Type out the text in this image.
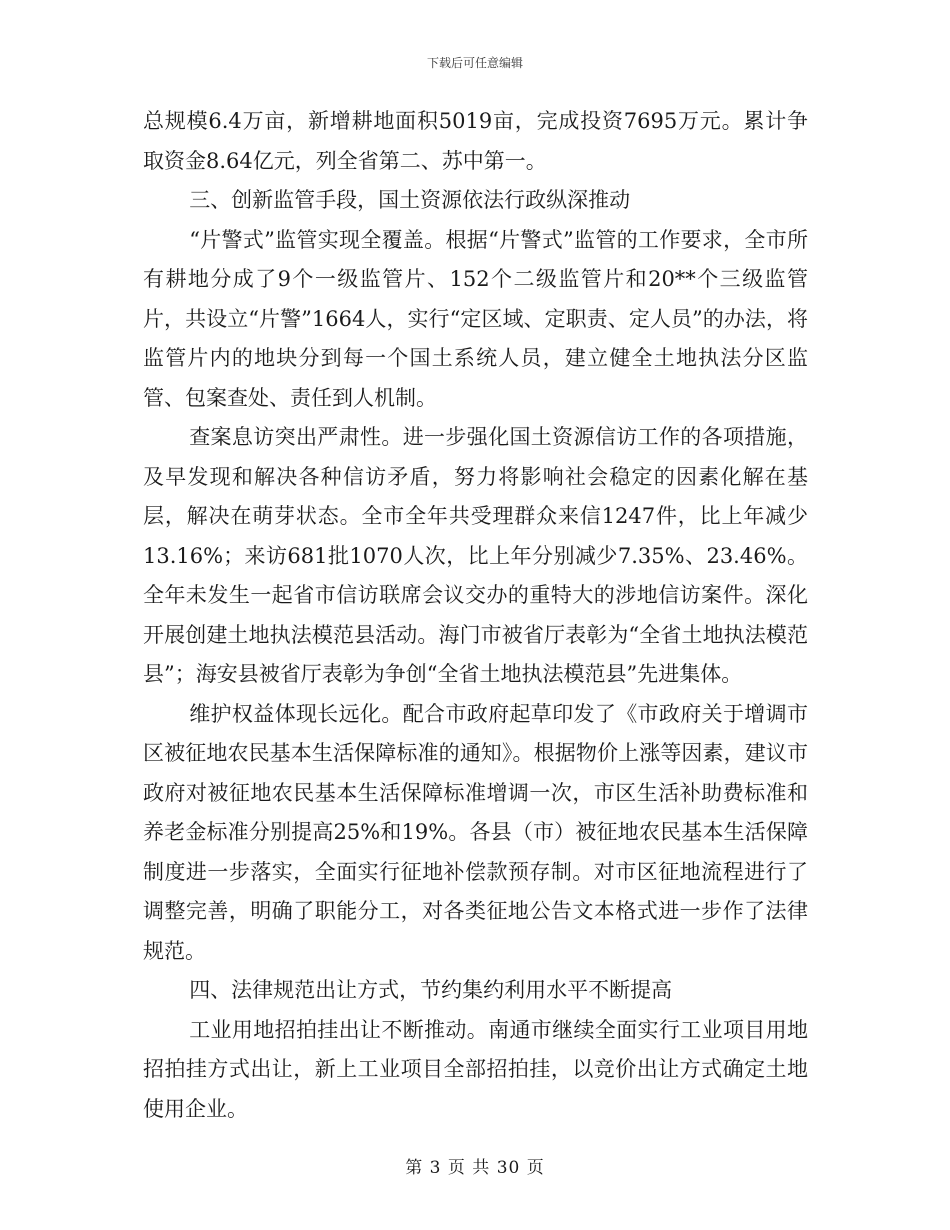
下载后可任意编辑

总规模6.4万亩，新增耕地面积5019亩，完成投资7695万元。累计争取资金8.64亿元，列全省第二、苏中第一。

三、创新监管手段，国土资源依法行政纵深推动

“片警式”监管实现全覆盖。根据“片警式”监管的工作要求，全市所有耕地分成了9个一级监管片、152个二级监管片和20**个三级监管片，共设立“片警”1664人，实行“定区域、定职责、定人员”的办法，将监管片内的地块分到每一个国土系统人员，建立健全土地执法分区监管、包案查处、责任到人机制。

查案息访突出严肃性。进一步强化国土资源信访工作的各项措施，及早发现和解决各种信访矛盾，努力将影响社会稳定的因素化解在基层，解决在萌芽状态。全市全年共受理群众来信1247件，比上年减少13.16%；来访681批1070人次，比上年分别减少7.35%、23.46%。全年未发生一起省市信访联席会议交办的重特大的涉地信访案件。深化开展创建土地执法模范县活动。海门市被省厅表彰为“全省土地执法模范县”；海安县被省厅表彰为争创“全省土地执法模范县”先进集体。

维护权益体现长远化。配合市政府起草印发了《市政府关于增调市区被征地农民基本生活保障标准的通知》。根据物价上涨等因素，建议市政府对被征地农民基本生活保障标准增调一次，市区生活补助费标准和养老金标准分别提高25%和19%。各县（市）被征地农民基本生活保障制度进一步落实，全面实行征地补偿款预存制。对市区征地流程进行了调整完善，明确了职能分工，对各类征地公告文本格式进一步作了法律规范。

四、法律规范出让方式，节约集约利用水平不断提高

工业用地招拍挂出让不断推动。南通市继续全面实行工业项目用地招拍挂方式出让，新上工业项目全部招拍挂，以竞价出让方式确定土地使用企业。

第 3 页 共 30 页
